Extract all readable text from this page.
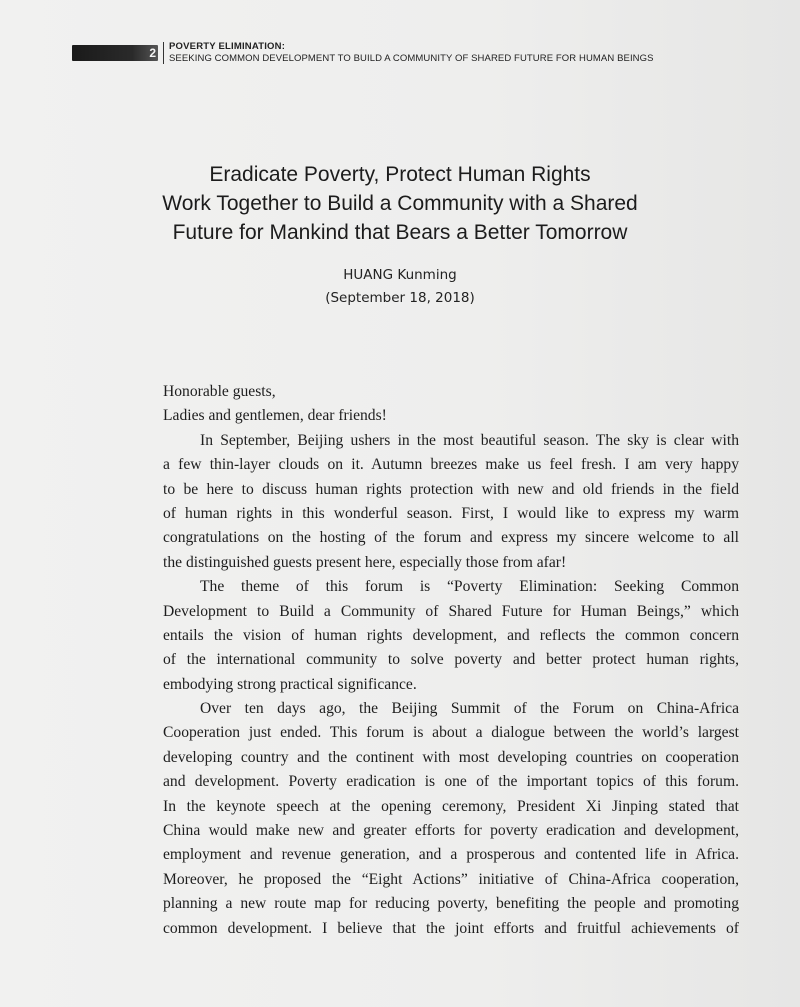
2 POVERTY ELIMINATION:
SEEKING COMMON DEVELOPMENT TO BUILD A COMMUNITY OF SHARED FUTURE FOR HUMAN BEINGS
Eradicate Poverty, Protect Human Rights
Work Together to Build a Community with a Shared
Future for Mankind that Bears a Better Tomorrow
HUANG Kunming
(September 18, 2018)
Honorable guests,
Ladies and gentlemen, dear friends!
In September, Beijing ushers in the most beautiful season. The sky is clear with
a few thin-layer clouds on it. Autumn breezes make us feel fresh. I am very happy
to be here to discuss human rights protection with new and old friends in the field
of human rights in this wonderful season. First, I would like to express my warm
congratulations on the hosting of the forum and express my sincere welcome to all
the distinguished guests present here, especially those from afar!
The theme of this forum is “Poverty Elimination: Seeking Common
Development to Build a Community of Shared Future for Human Beings,” which
entails the vision of human rights development, and reflects the common concern
of the international community to solve poverty and better protect human rights,
embodying strong practical significance.
Over ten days ago, the Beijing Summit of the Forum on China-Africa
Cooperation just ended. This forum is about a dialogue between the world’s largest
developing country and the continent with most developing countries on cooperation
and development. Poverty eradication is one of the important topics of this forum.
In the keynote speech at the opening ceremony, President Xi Jinping stated that
China would make new and greater efforts for poverty eradication and development,
employment and revenue generation, and a prosperous and contented life in Africa.
Moreover, he proposed the “Eight Actions” initiative of China-Africa cooperation,
planning a new route map for reducing poverty, benefiting the people and promoting
common development. I believe that the joint efforts and fruitful achievements of
